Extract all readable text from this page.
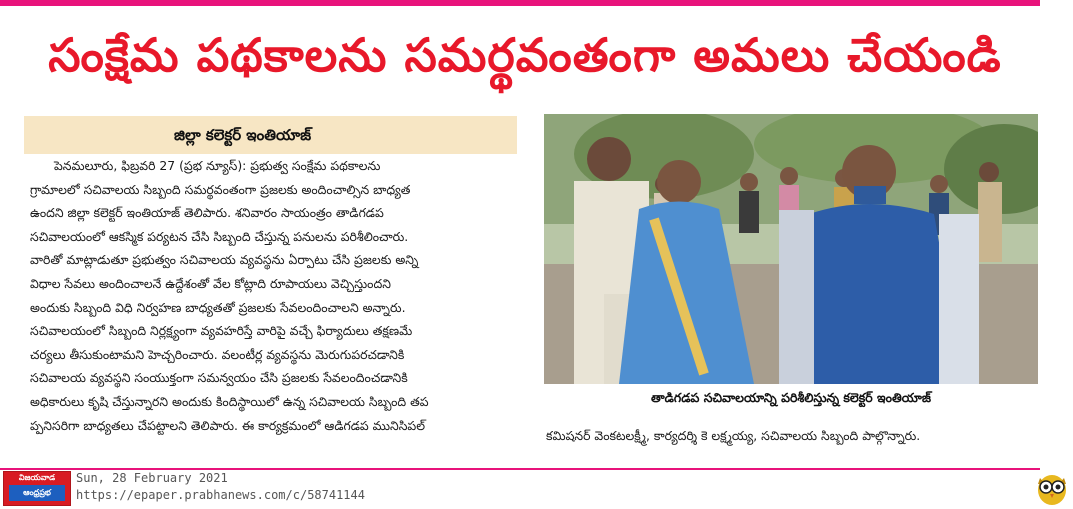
సంక్షేమ పథకాలను సమర్థవంతంగా అమలు చేయండి
జిల్లా కలెక్టర్ ఇంతియాజ్
పెనమలూరు, ఫిబ్రవరి 27 (ప్రభ న్యూస్): ప్రభుత్వ సంక్షేమ పథకాలను
గ్రామాలలో సచివాలయ సిబ్బంది సమర్థవంతంగా ప్రజలకు అందించాల్సిన బాధ్యత
ఉందని జిల్లా కలెక్టర్ ఇంతియాజ్ తెలిపారు. శనివారం సాయంత్రం తాడిగడప
సచివాలయంలో ఆకస్మిక పర్యటన చేసి సిబ్బంది చేస్తున్న పనులను పరిశీలించారు.
వారితో మాట్లాడుతూ ప్రభుత్వం సచివాలయ వ్యవస్థను ఏర్పాటు చేసి ప్రజలకు అన్ని
విధాల సేవలు అందించాలనే ఉద్దేశంతో వేల కోట్లాది రూపాయలు వెచ్చిస్తుందని
అందుకు సిబ్బంది విధి నిర్వహణ బాధ్యతతో ప్రజలకు సేవలందించాలని అన్నారు.
సచివాలయంలో సిబ్బంది నిర్లక్ష్యంగా వ్యవహరిస్తే వారిపై వచ్చే ఫిర్యాదులు తక్షణమే
చర్యలు తీసుకుంటామని హెచ్చరించారు. వలంటీర్ల వ్యవస్థను మెరుగుపరచడానికి
సచివాలయ వ్యవస్థని సంయుక్తంగా సమన్వయం చేసి ప్రజలకు సేవలందించడానికి
అధికారులు కృషి చేస్తున్నారని అందుకు కిందిస్థాయిలో ఉన్న సచివాలయ సిబ్బంది తప
ప్పనిసరిగా బాధ్యతలు చేపట్టాలని తెలిపారు. ఈ కార్యక్రమంలో ఆడిగడప మునిసిపల్
తాడిగడప సచివాలయాన్ని పరిశీలిస్తున్న కలెక్టర్ ఇంతియాజ్
కమిషనర్ వెంకటలక్ష్మీ, కార్యదర్శి కె లక్ష్మయ్య, సచివాలయ సిబ్బంది పాల్గొన్నారు.
విజయవాడ
ఆంధ్రప్రభ
Sun, 28 February 2021
https://epaper.prabhanews.com/c/58741144
